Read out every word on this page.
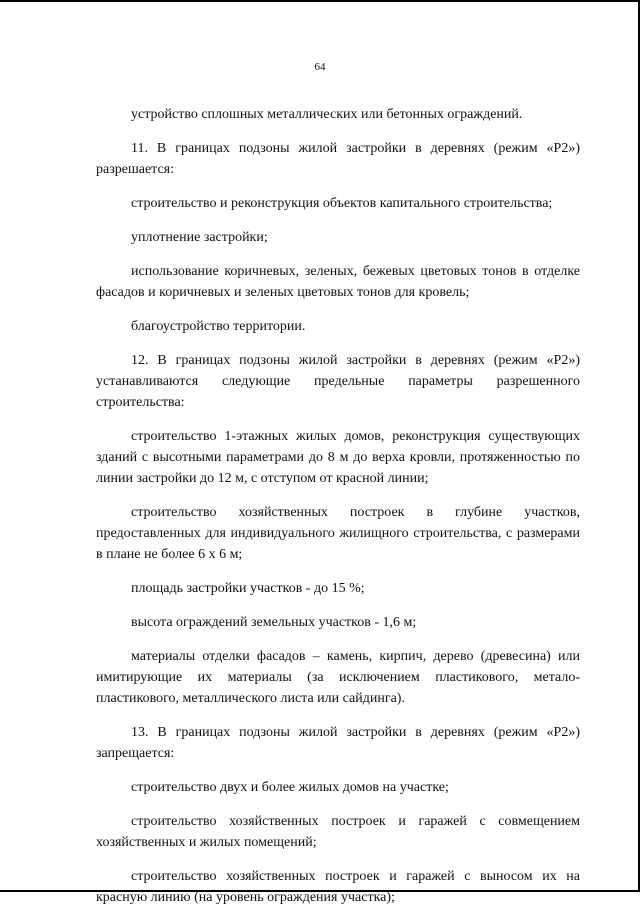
64

устройство сплошных металлических или бетонных ограждений.

11. В границах подзоны жилой застройки в деревнях (режим «Р2») разрешается:

строительство и реконструкция объектов капитального строительства;

уплотнение застройки;

использование коричневых, зеленых, бежевых цветовых тонов в отделке фасадов и коричневых и зеленых цветовых тонов для кровель;

благоустройство территории.

12. В границах подзоны жилой застройки в деревнях (режим «Р2») устанавливаются следующие предельные параметры разрешенного строительства:

строительство 1-этажных жилых домов, реконструкция существующих зданий с высотными параметрами до 8 м до верха кровли, протяженностью по линии застройки до 12 м, с отступом от красной линии;

строительство хозяйственных построек в глубине участков, предоставленных для индивидуального жилищного строительства, с размерами в плане не более 6 х 6 м;

площадь застройки участков - до 15 %;

высота ограждений земельных участков - 1,6 м;

материалы отделки фасадов – камень, кирпич, дерево (древесина) или имитирующие их материалы (за исключением пластикового, метало-пластикового, металлического листа или сайдинга).

13. В границах подзоны жилой застройки в деревнях (режим «Р2») запрещается:

строительство двух и более жилых домов на участке;

строительство хозяйственных построек и гаражей с совмещением хозяйственных и жилых помещений;

строительство хозяйственных построек и гаражей с выносом их на красную линию (на уровень ограждения участка);
